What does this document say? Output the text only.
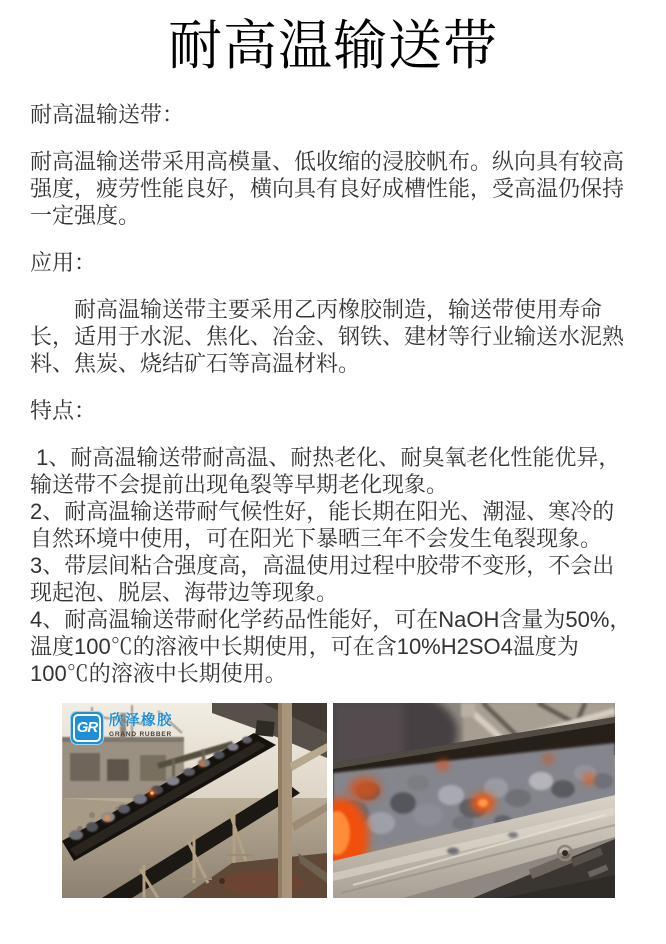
耐高温输送带

耐高温输送带：

耐高温输送带采用高模量、低收缩的浸胶帆布。纵向具有较高强度，疲劳性能良好，横向具有良好成槽性能，受高温仍保持一定强度。

应用：

　　耐高温输送带主要采用乙丙橡胶制造，输送带使用寿命长，适用于水泥、焦化、冶金、钢铁、建材等行业输送水泥熟料、焦炭、烧结矿石等高温材料。

特点：

1、耐高温输送带耐高温、耐热老化、耐臭氧老化性能优异，输送带不会提前出现龟裂等早期老化现象。

2、耐高温输送带耐气候性好，能长期在阳光、潮湿、寒冷的自然环境中使用，可在阳光下暴晒三年不会发生龟裂现象。

3、带层间粘合强度高，高温使用过程中胶带不变形，不会出现起泡、脱层、海带边等现象。

4、耐高温输送带耐化学药品性能好，可在NaOH含量为50%，温度100℃的溶液中长期使用，可在含10%H2SO4温度为100℃的溶液中长期使用。

GR 欣泽橡胶
GRAND RUBBER
